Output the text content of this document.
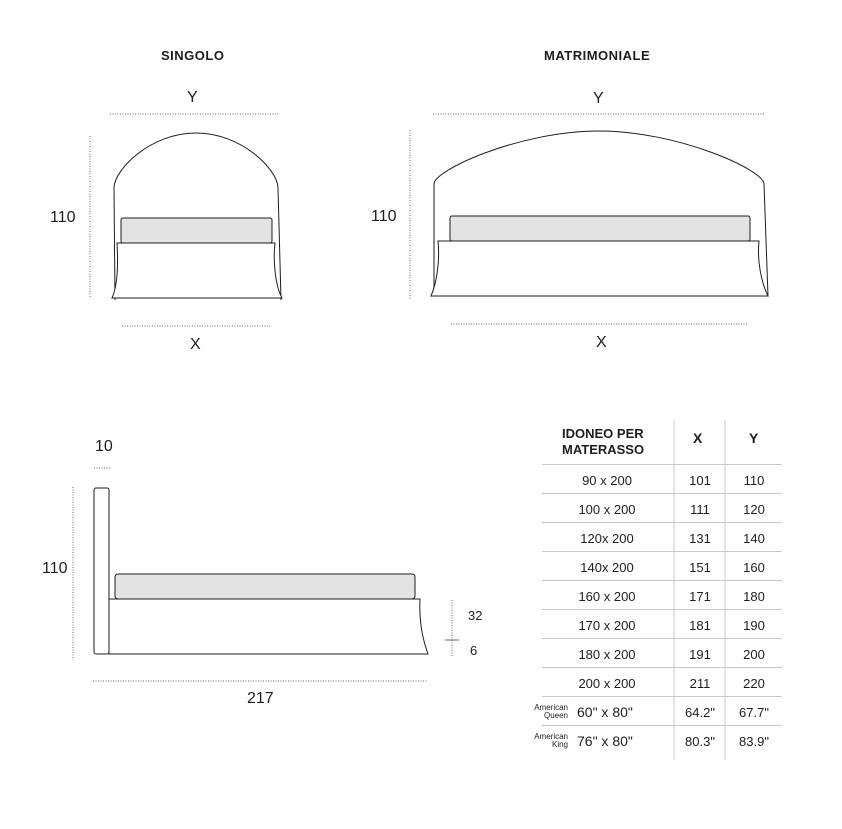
SINGOLO
Y
110
X
MATRIMONIALE
Y
110
X
10
110
217
32
6
IDONEO PER MATERASSO
X	Y
90 x 200	101	110
100 x 200	111	120
120x 200	131	140
140x 200	151	160
160 x 200	171	180
170 x 200	181	190
180 x 200	191	200
200 x 200	211	220
American
Queen 60" x 80"	64.2"	67.7"
American
King 76" x 80"	80.3"	83.9"
